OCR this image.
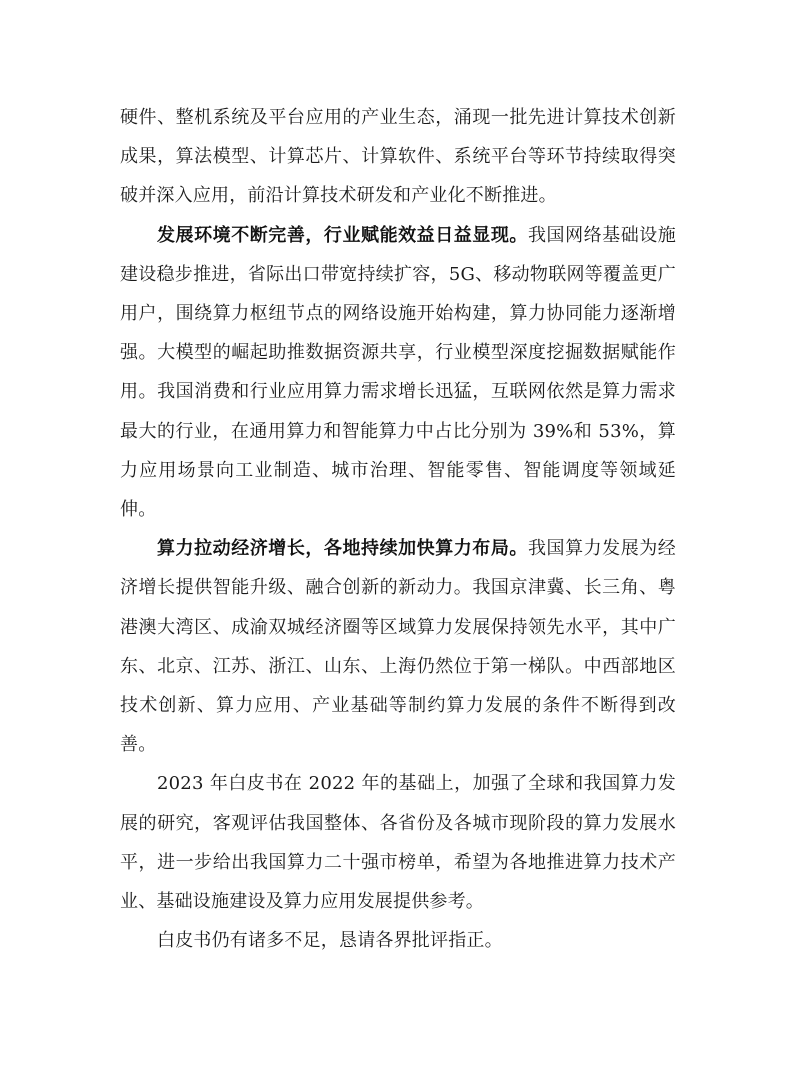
硬件、整机系统及平台应用的产业生态，涌现一批先进计算技术创新成果，算法模型、计算芯片、计算软件、系统平台等环节持续取得突破并深入应用，前沿计算技术研发和产业化不断推进。

发展环境不断完善，行业赋能效益日益显现。我国网络基础设施建设稳步推进，省际出口带宽持续扩容，5G、移动物联网等覆盖更广用户，围绕算力枢纽节点的网络设施开始构建，算力协同能力逐渐增强。大模型的崛起助推数据资源共享，行业模型深度挖掘数据赋能作用。我国消费和行业应用算力需求增长迅猛，互联网依然是算力需求最大的行业，在通用算力和智能算力中占比分别为 39%和 53%，算力应用场景向工业制造、城市治理、智能零售、智能调度等领域延伸。

算力拉动经济增长，各地持续加快算力布局。我国算力发展为经济增长提供智能升级、融合创新的新动力。我国京津冀、长三角、粤港澳大湾区、成渝双城经济圈等区域算力发展保持领先水平，其中广东、北京、江苏、浙江、山东、上海仍然位于第一梯队。中西部地区技术创新、算力应用、产业基础等制约算力发展的条件不断得到改善。

2023 年白皮书在 2022 年的基础上，加强了全球和我国算力发展的研究，客观评估我国整体、各省份及各城市现阶段的算力发展水平，进一步给出我国算力二十强市榜单，希望为各地推进算力技术产业、基础设施建设及算力应用发展提供参考。

白皮书仍有诸多不足，恳请各界批评指正。
